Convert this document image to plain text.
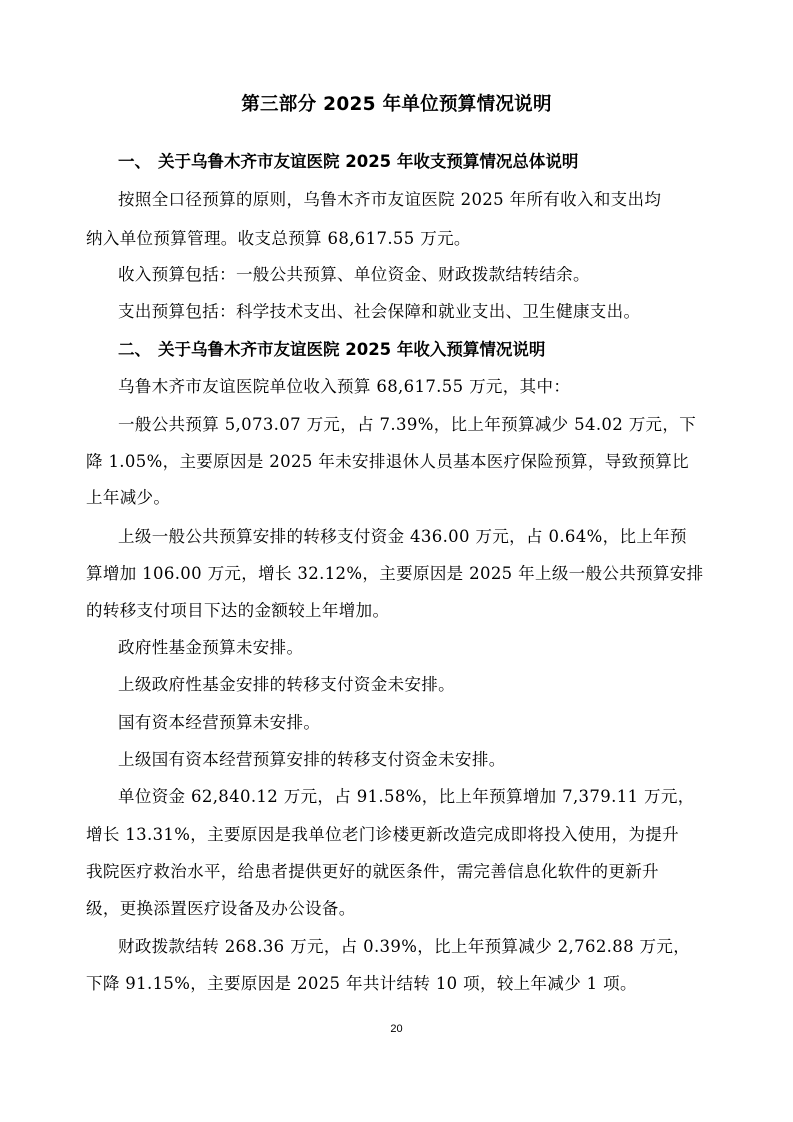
第三部分 2025 年单位预算情况说明
一、 关于乌鲁木齐市友谊医院 2025 年收支预算情况总体说明
按照全口径预算的原则，乌鲁木齐市友谊医院 2025 年所有收入和支出均
纳入单位预算管理。收支总预算 68,617.55 万元。
收入预算包括：一般公共预算、单位资金、财政拨款结转结余。
支出预算包括：科学技术支出、社会保障和就业支出、卫生健康支出。
二、 关于乌鲁木齐市友谊医院 2025 年收入预算情况说明
乌鲁木齐市友谊医院单位收入预算 68,617.55 万元，其中：
一般公共预算 5,073.07 万元，占 7.39%，比上年预算减少 54.02 万元，下
降 1.05%，主要原因是 2025 年未安排退休人员基本医疗保险预算，导致预算比
上年减少。
上级一般公共预算安排的转移支付资金 436.00 万元，占 0.64%，比上年预
算增加 106.00 万元，增长 32.12%，主要原因是 2025 年上级一般公共预算安排
的转移支付项目下达的金额较上年增加。
政府性基金预算未安排。
上级政府性基金安排的转移支付资金未安排。
国有资本经营预算未安排。
上级国有资本经营预算安排的转移支付资金未安排。
单位资金 62,840.12 万元，占 91.58%，比上年预算增加 7,379.11 万元，
增长 13.31%，主要原因是我单位老门诊楼更新改造完成即将投入使用，为提升
我院医疗救治水平，给患者提供更好的就医条件，需完善信息化软件的更新升
级，更换添置医疗设备及办公设备。
财政拨款结转 268.36 万元，占 0.39%，比上年预算减少 2,762.88 万元，
下降 91.15%，主要原因是 2025 年共计结转 10 项，较上年减少 1 项。
20
